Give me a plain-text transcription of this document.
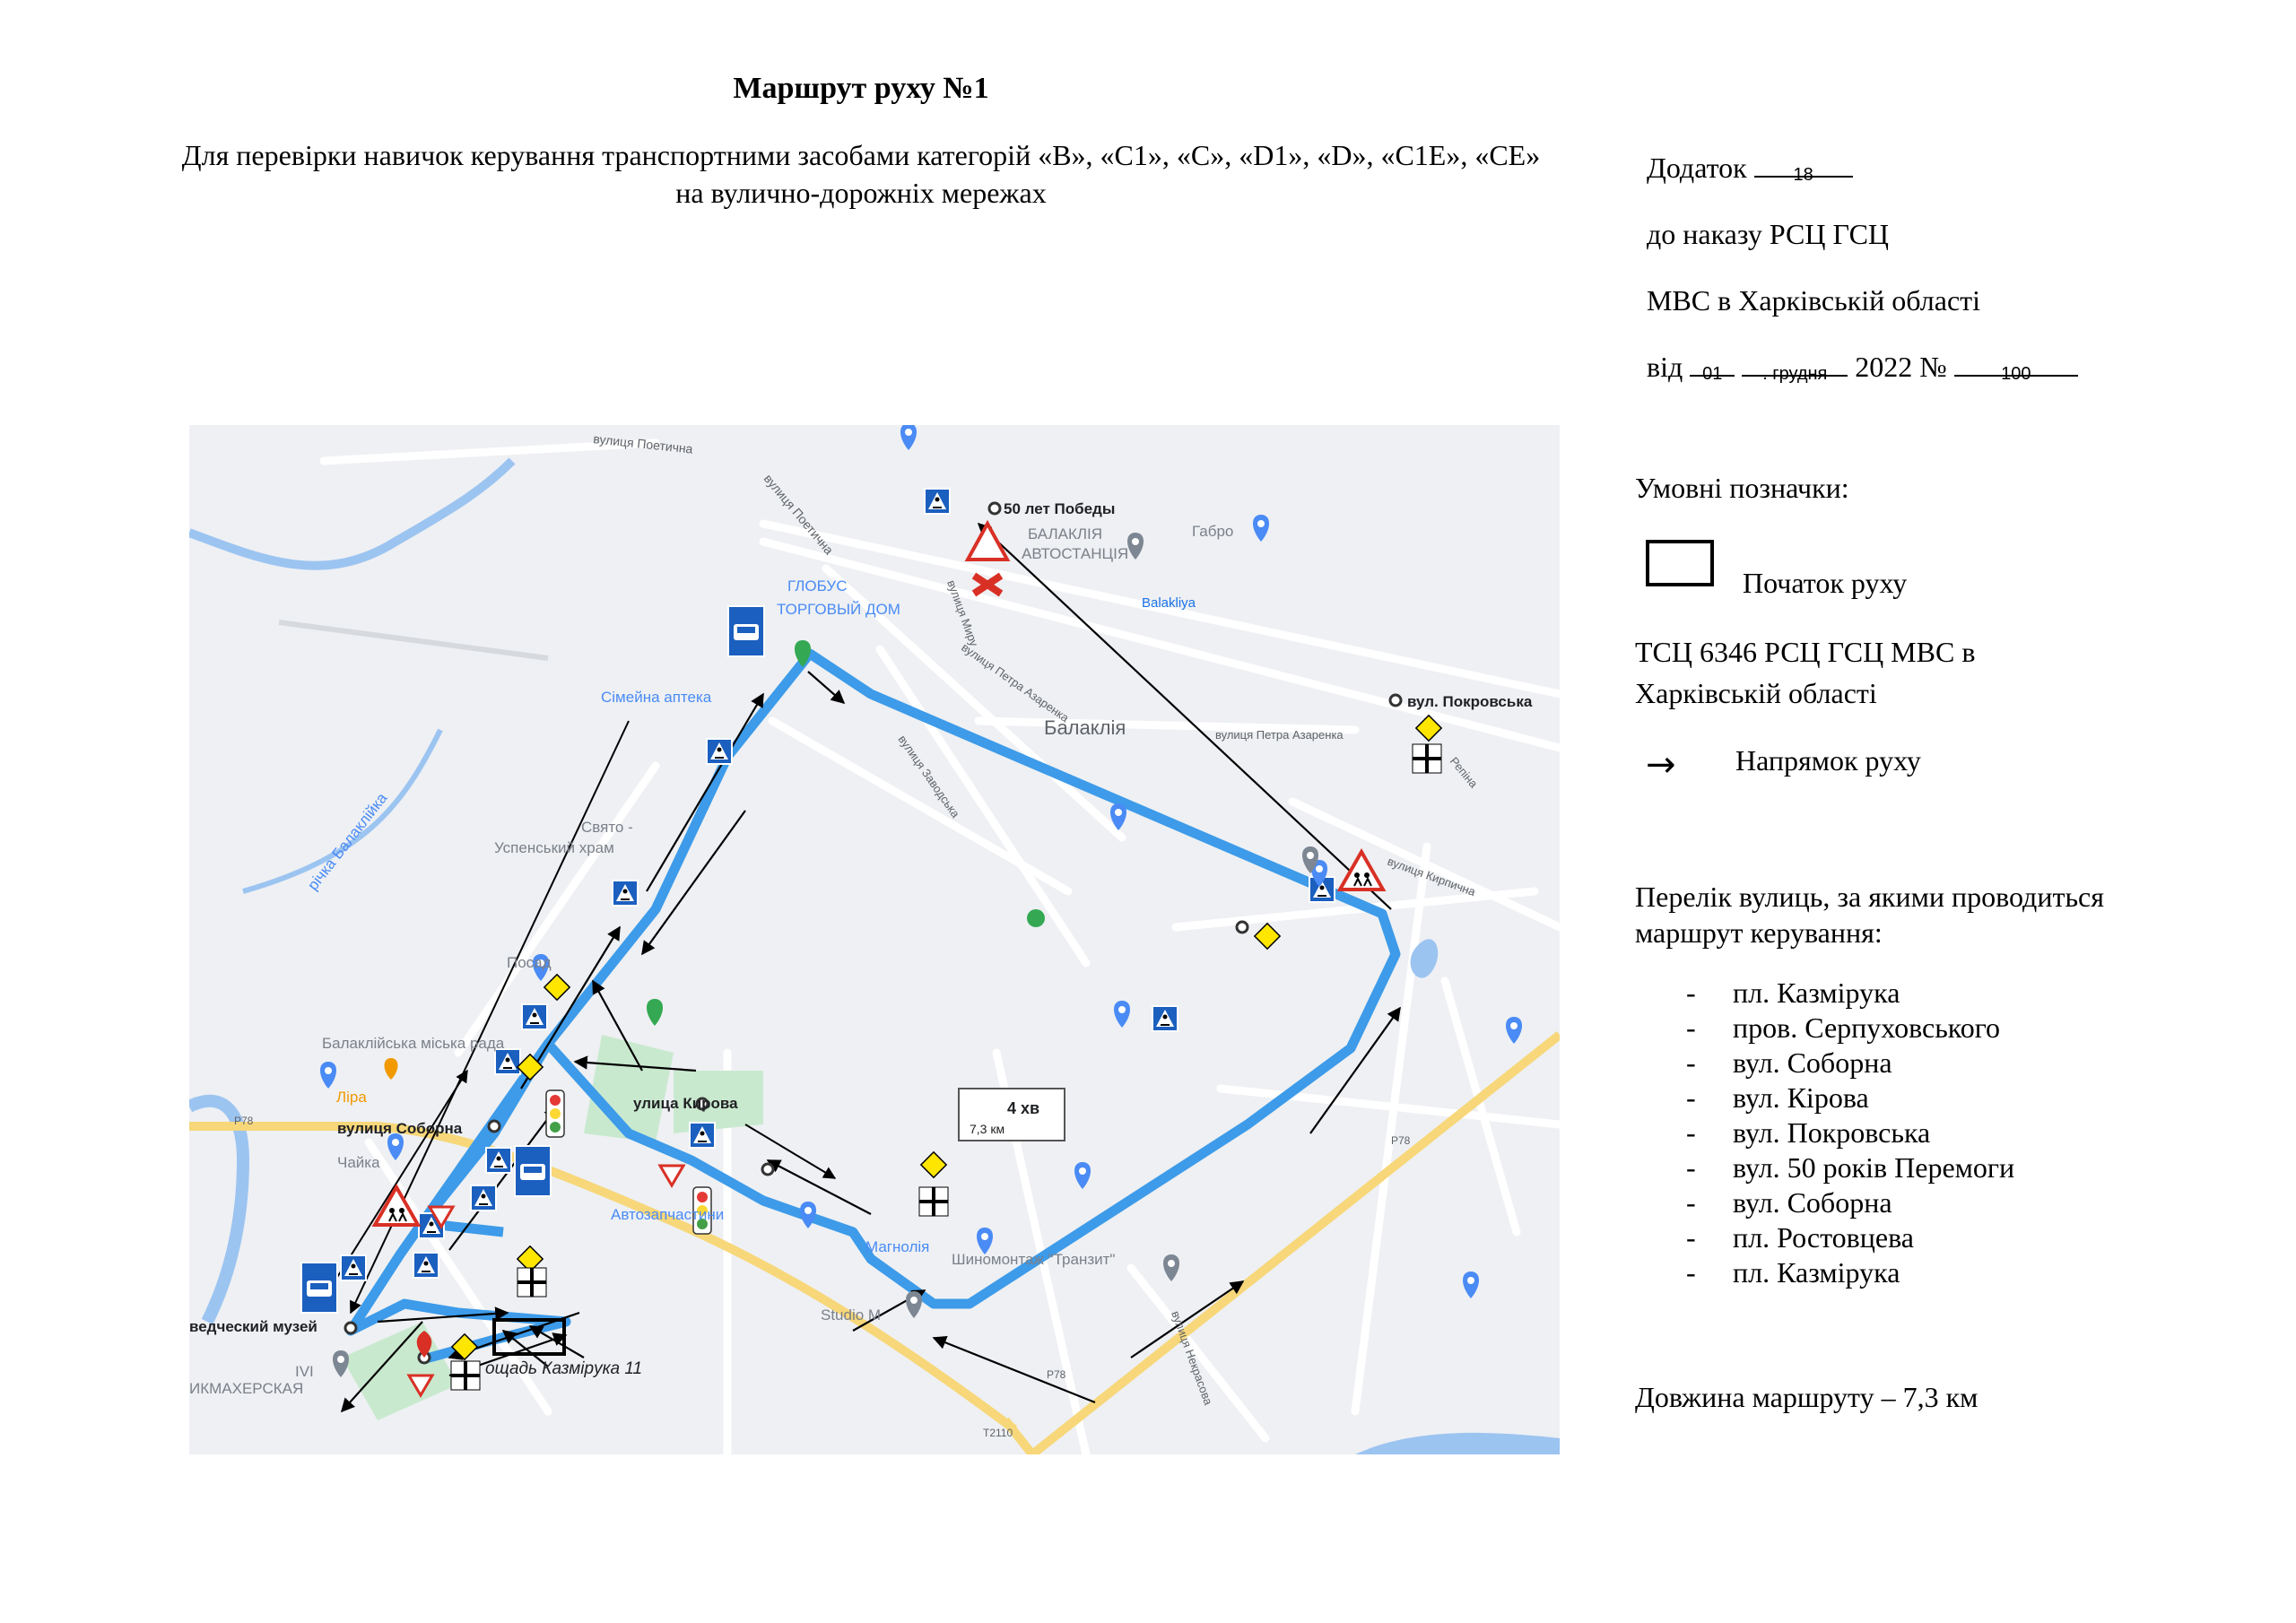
Маршрут руху №1
Для перевірки навичок керування транспортними засобами категорій «B», «C1», «C», «D1», «D», «C1E», «CE» на вулично-дорожніх мережах
Додаток	18
до наказу РСЦ ГСЦ
МВС в Харківській області
від	01
	. грудня 2022 №	100
вулиця Поетична
вулиця Поетична	50 лет Победы
БАЛАКЛІЯ
АВТОСТАНЦІЯ
Габро
Balakliya
ГЛОБУС
ТОРГОВЫЙ ДОМ
Сімейна аптека
Свято -
Успенський храм
річка Балаклійка
Посад
Балаклійська міська рада
Ліра
вулиця Соборна
Чайка
улица Кирова
Автозапчастини
Магнолія
Шиномонтаж "Транзит"
Studio M
ведческий музей
IVI
ИКМАХЕРСКАЯ
ощадь Казміpука 11
вул. Покровська
Репіна
вулиця Кирпична
вулиця Петра Азаренка
вулиця Петра Азаренка
вулиця Заводська
вулиця Миру
Балаклія
вулиця Некрасова
P78
P78
P78
T2110
4 хв
7,3 км
Умовні позначки:
Початок руху
ТСЦ 6346 РСЦ ГСЦ МВС в Харківській області
→ Напрямок руху
Перелік вулиць, за якими проводиться маршрут керування:
- пл. Казмірука
- пров. Серпуховського
- вул. Соборна
- вул. Кірова
- вул. Покровська
- вул. 50 років Перемоги
- вул. Соборна
- пл. Ростовцева
- пл. Казмірука
Довжина маршруту – 7,3 км
